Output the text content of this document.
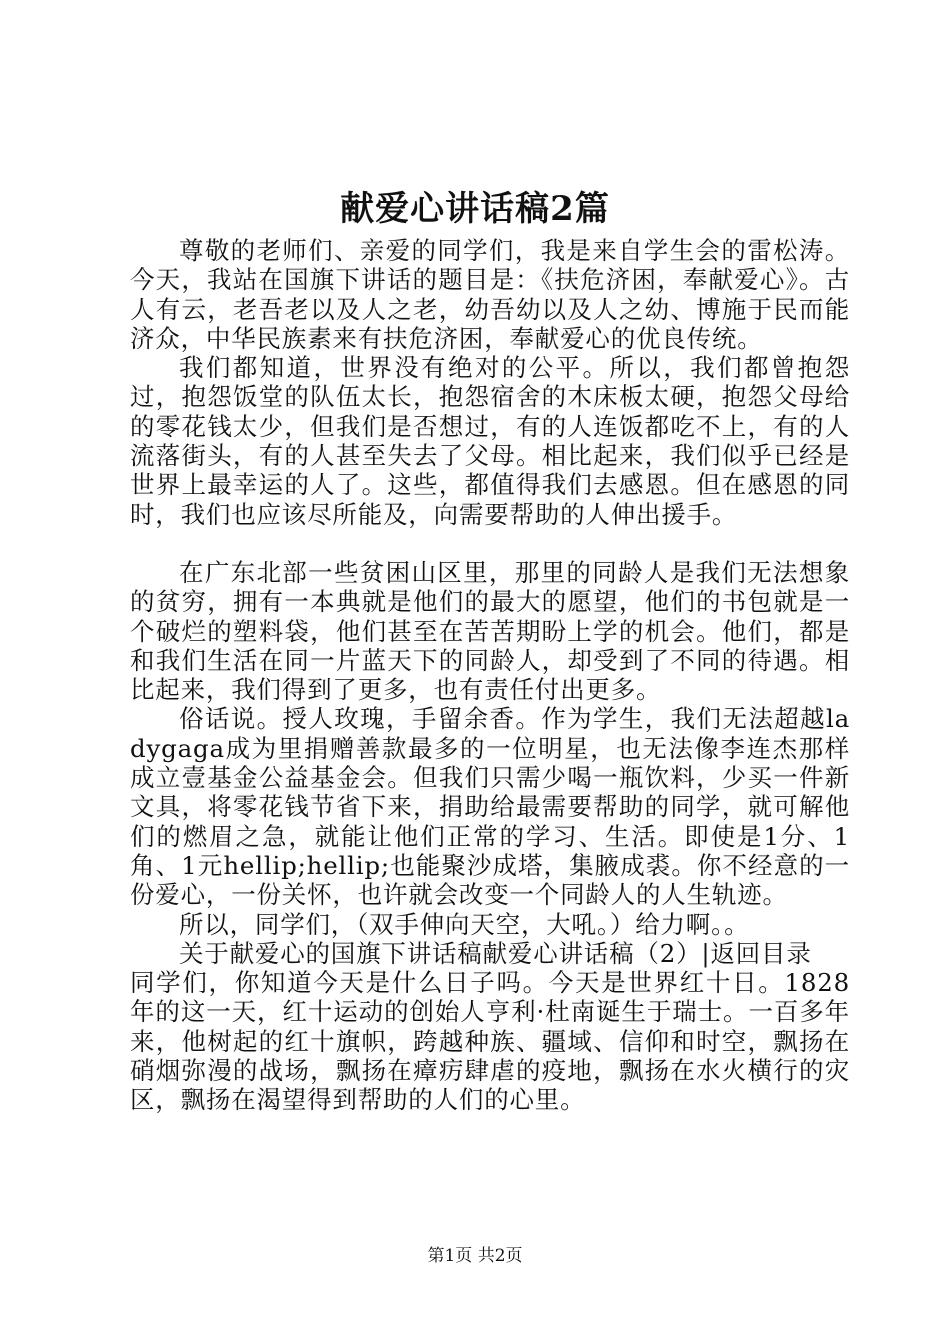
献爱心讲话稿2篇

尊敬的老师们、亲爱的同学们，我是来自学生会的雷松涛。今天，我站在国旗下讲话的题目是：《扶危济困，奉献爱心》。古人有云，老吾老以及人之老，幼吾幼以及人之幼、博施于民而能济众，中华民族素来有扶危济困，奉献爱心的优良传统。

我们都知道，世界没有绝对的公平。所以，我们都曾抱怨过，抱怨饭堂的队伍太长，抱怨宿舍的木床板太硬，抱怨父母给的零花钱太少，但我们是否想过，有的人连饭都吃不上，有的人流落街头，有的人甚至失去了父母。相比起来，我们似乎已经是世界上最幸运的人了。这些，都值得我们去感恩。但在感恩的同时，我们也应该尽所能及，向需要帮助的人伸出援手。

在广东北部一些贫困山区里，那里的同龄人是我们无法想象的贫穷，拥有一本典就是他们的最大的愿望，他们的书包就是一个破烂的塑料袋，他们甚至在苦苦期盼上学的机会。他们，都是和我们生活在同一片蓝天下的同龄人，却受到了不同的待遇。相比起来，我们得到了更多，也有责任付出更多。

俗话说。授人玫瑰，手留余香。作为学生，我们无法超越ladygaga成为里捐赠善款最多的一位明星，也无法像李连杰那样成立壹基金公益基金会。但我们只需少喝一瓶饮料，少买一件新文具，将零花钱节省下来，捐助给最需要帮助的同学，就可解他们的燃眉之急，就能让他们正常的学习、生活。即使是1分、1角、1元hellip;hellip;也能聚沙成塔，集腋成裘。你不经意的一份爱心，一份关怀，也许就会改变一个同龄人的人生轨迹。

所以，同学们，（双手伸向天空，大吼。）给力啊。。

关于献爱心的国旗下讲话稿献爱心讲话稿（2）|返回目录

同学们，你知道今天是什么日子吗。今天是世界红十日。1828年的这一天，红十运动的创始人亨利·杜南诞生于瑞士。一百多年来，他树起的红十旗帜，跨越种族、疆域、信仰和时空，飘扬在硝烟弥漫的战场，飘扬在瘴疠肆虐的疫地，飘扬在水火横行的灾区，飘扬在渴望得到帮助的人们的心里。

第1页 共2页
